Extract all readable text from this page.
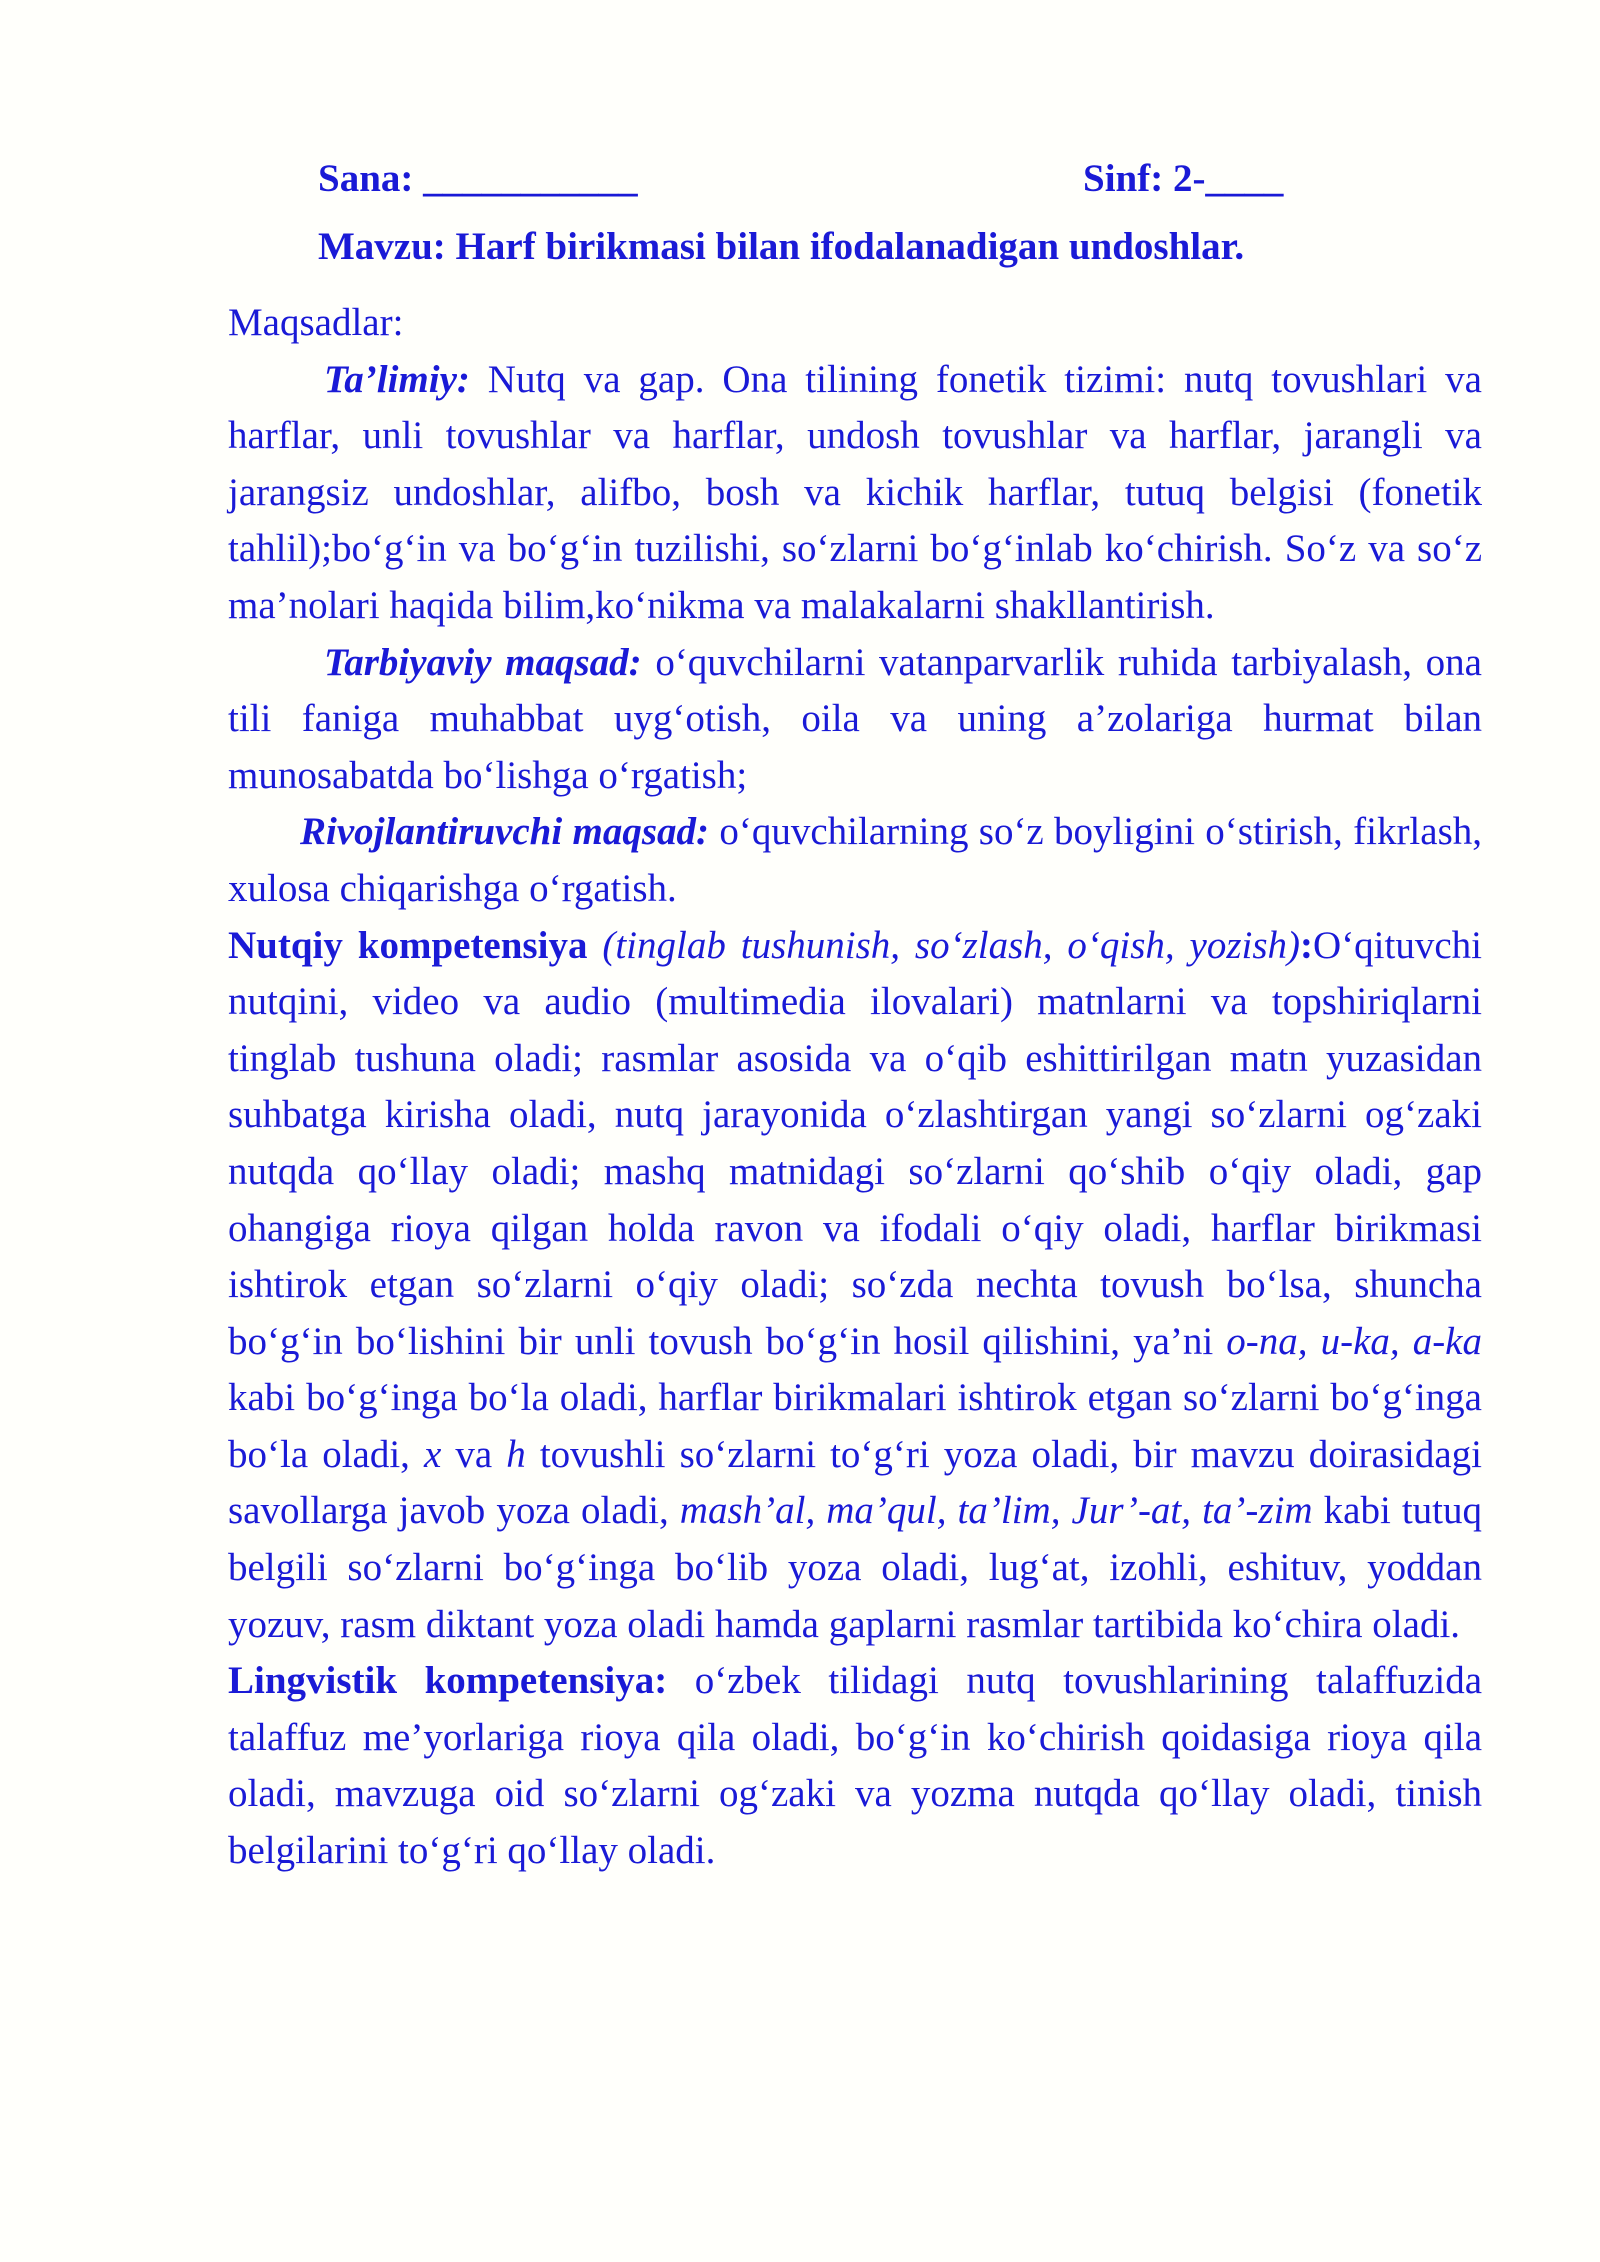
Sana: ___________	Sinf: 2-____
Mavzu: Harf birikmasi bilan ifodalanadigan undoshlar.

Maqsadlar:

Ta’limiy: Nutq va gap. Ona tilining fonetik tizimi: nutq tovushlari va harflar, unli tovushlar va harflar, undosh tovushlar va harflar, jarangli va jarangsiz undoshlar, alifbo, bosh va kichik harflar, tutuq belgisi (fonetik tahlil);bo‘g‘in va bo‘g‘in tuzilishi, so‘zlarni bo‘g‘inlab ko‘chirish. So‘z va so‘z ma’nolari haqida bilim,ko‘nikma va malakalarni shakllantirish.

Tarbiyaviy maqsad: o‘quvchilarni vatanparvarlik ruhida tarbiyalash, ona tili faniga muhabbat uyg‘otish, oila va uning a’zolariga hurmat bilan munosabatda bo‘lishga o‘rgatish;

Rivojlantiruvchi maqsad: o‘quvchilarning so‘z boyligini o‘stirish, fikrlash, xulosa chiqarishga o‘rgatish.

Nutqiy kompetensiya (tinglab tushunish, so‘zlash, o‘qish, yozish):O‘qituvchi nutqini, video va audio (multimedia ilovalari) matnlarni va topshiriqlarni tinglab tushuna oladi; rasmlar asosida va o‘qib eshittirilgan matn yuzasidan suhbatga kirisha oladi, nutq jarayonida o‘zlashtirgan yangi so‘zlarni og‘zaki nutqda qo‘llay oladi; mashq matnidagi so‘zlarni qo‘shib o‘qiy oladi, gap ohangiga rioya qilgan holda ravon va ifodali o‘qiy oladi, harflar birikmasi ishtirok etgan so‘zlarni o‘qiy oladi; so‘zda nechta tovush bo‘lsa, shuncha bo‘g‘in bo‘lishini bir unli tovush bo‘g‘in hosil qilishini, ya’ni o-na, u-ka, a-ka kabi bo‘g‘inga bo‘la oladi, harflar birikmalari ishtirok etgan so‘zlarni bo‘g‘inga bo‘la oladi, x va h tovushli so‘zlarni to‘g‘ri yoza oladi, bir mavzu doirasidagi savollarga javob yoza oladi, mash’al, ma’qul, ta’lim, Jur’-at, ta’-zim kabi tutuq belgili so‘zlarni bo‘g‘inga bo‘lib yoza oladi, lug‘at, izohli, eshituv, yoddan yozuv, rasm diktant yoza oladi hamda gaplarni rasmlar tartibida ko‘chira oladi.

Lingvistik kompetensiya: o‘zbek tilidagi nutq tovushlarining talaffuzida talaffuz me’yorlariga rioya qila oladi, bo‘g‘in ko‘chirish qoidasiga rioya qila oladi, mavzuga oid so‘zlarni og‘zaki va yozma nutqda qo‘llay oladi, tinish belgilarini to‘g‘ri qo‘llay oladi.
